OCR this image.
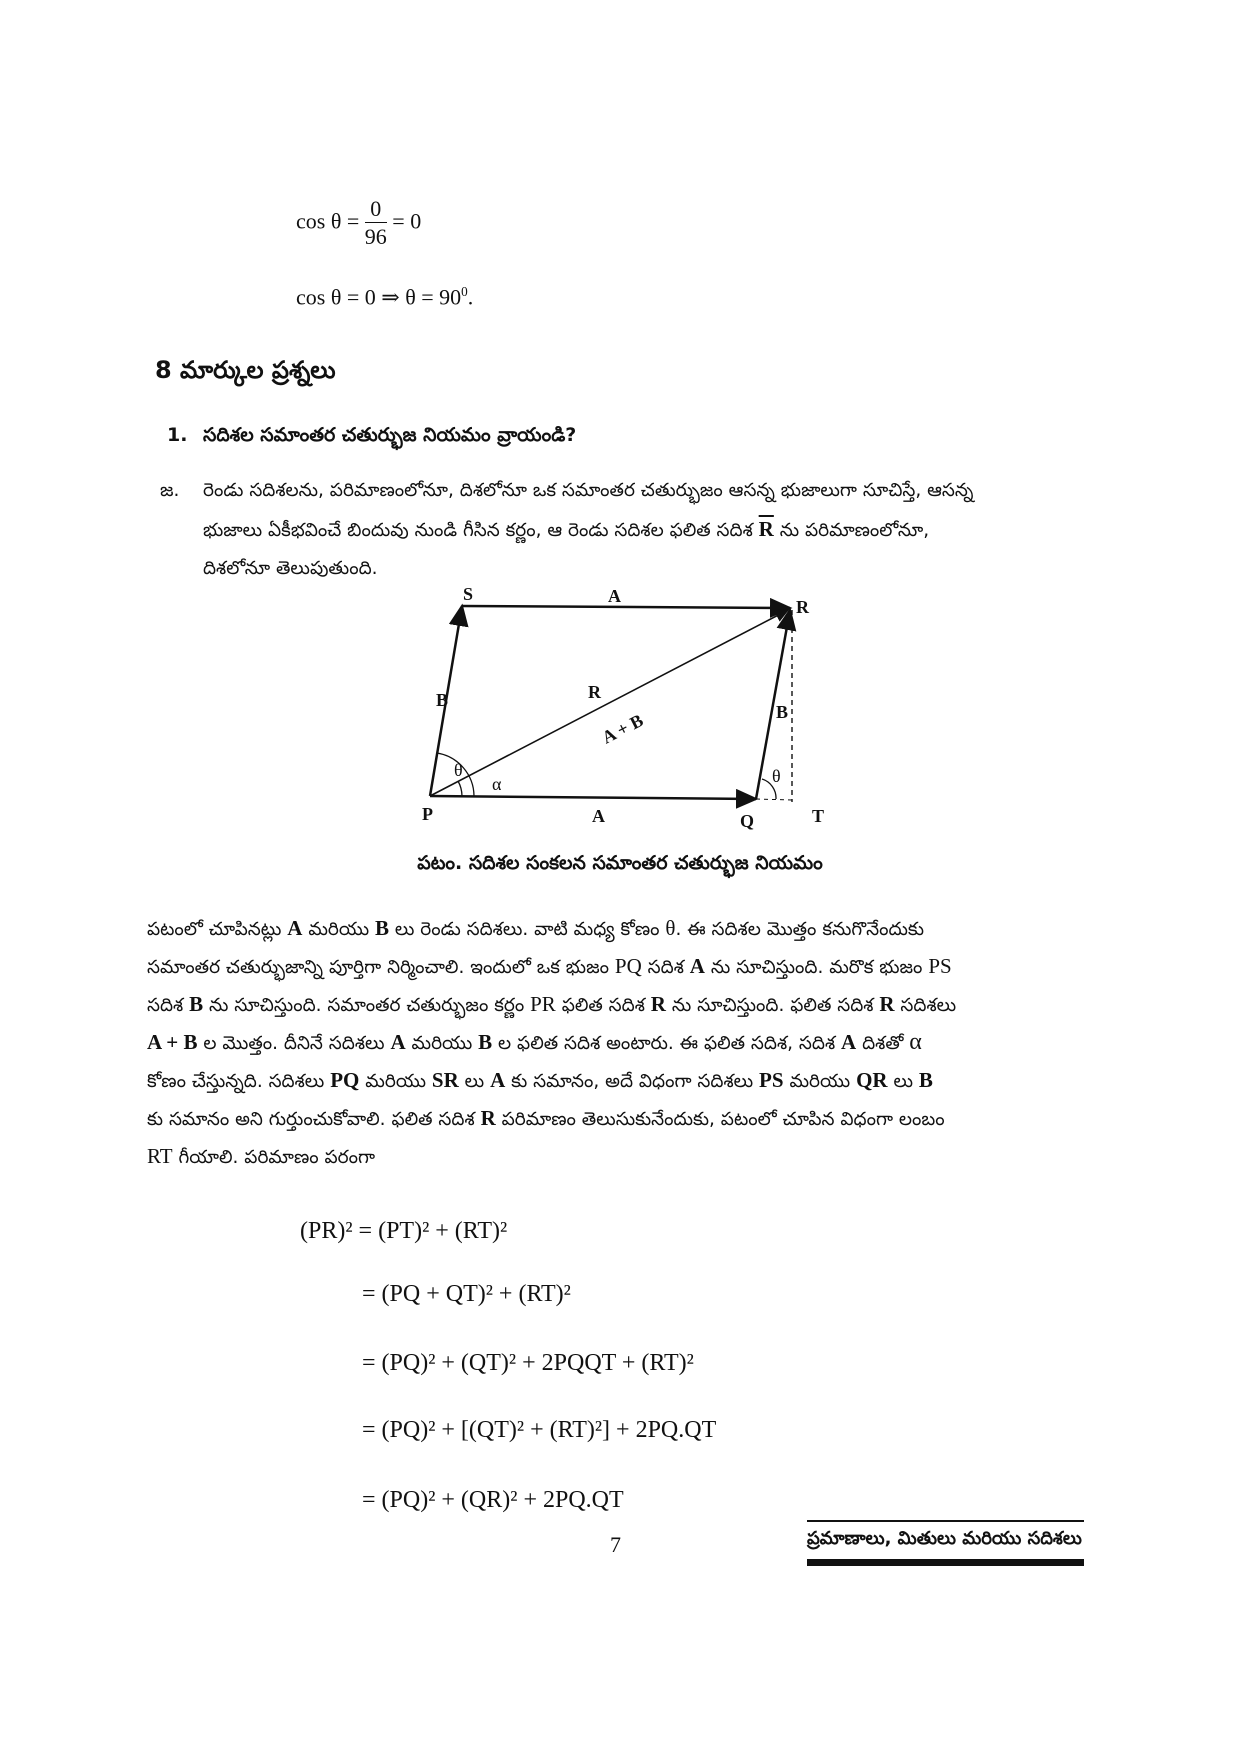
$\cos \theta = \frac{0}{96} = 0$
cos θ = 0 ⇒ $\theta = 90^0$.
8 మార్కుల ప్రశ్నలు
1. సదిశల సమాంతర చతుర్భుజ నియమం వ్రాయండి?
జ. రెండు సదిశలను, పరిమాణంలోనూ, దిశలోనూ ఒక సమాంతర చతుర్భుజం ఆసన్న భుజాలుగా సూచిస్తే, ఆసన్న
భుజాలు ఏకీభవించే బిందువు నుండి గీసిన కర్ణం, ఆ రెండు సదిశల ఫలిత సదిశ $\overline{R}$ ను పరిమాణంలోనూ,
దిశలోనూ తెలుపుతుంది.
S
R
P	Q	T
A
A
B
B
R
A + B
θ
α	θ
పటం. సదిశల సంకలన సమాంతర చతుర్భుజ నియమం
పటంలో చూపినట్లు A మరియు B లు రెండు సదిశలు. వాటి మధ్య కోణం θ. ఈ సదిశల మొత్తం కనుగొనేందుకు
సమాంతర చతుర్భుజాన్ని పూర్తిగా నిర్మించాలి. ఇందులో ఒక భుజం PQ సదిశ A ను సూచిస్తుంది. మరొక భుజం PS
సదిశ B ను సూచిస్తుంది. సమాంతర చతుర్భుజం కర్ణం PR ఫలిత సదిశ R ను సూచిస్తుంది. ఫలిత సదిశ R సదిశలు
A + B ల మొత్తం. దీనినే సదిశలు A మరియు B ల ఫలిత సదిశ అంటారు. ఈ ఫలిత సదిశ, సదిశ A దిశతో α
కోణం చేస్తున్నది. సదిశలు PQ మరియు SR లు A కు సమానం, అదే విధంగా సదిశలు PS మరియు QR లు B
కు సమానం అని గుర్తుంచుకోవాలి. ఫలిత సదిశ R పరిమాణం తెలుసుకునేందుకు, పటంలో చూపిన విధంగా లంబం
RT గీయాలి. పరిమాణం పరంగా
(PR)² = (PT)² + (RT)²
= (PQ + QT)² + (RT)²
= (PQ)² + (QT)² + 2PQQT + (RT)²
= (PQ)² + [(QT)² + (RT)²] + 2PQ.QT
= (PQ)² + (QR)² + 2PQ.QT
7	ప్రమాణాలు, మితులు మరియు సదిశలు
